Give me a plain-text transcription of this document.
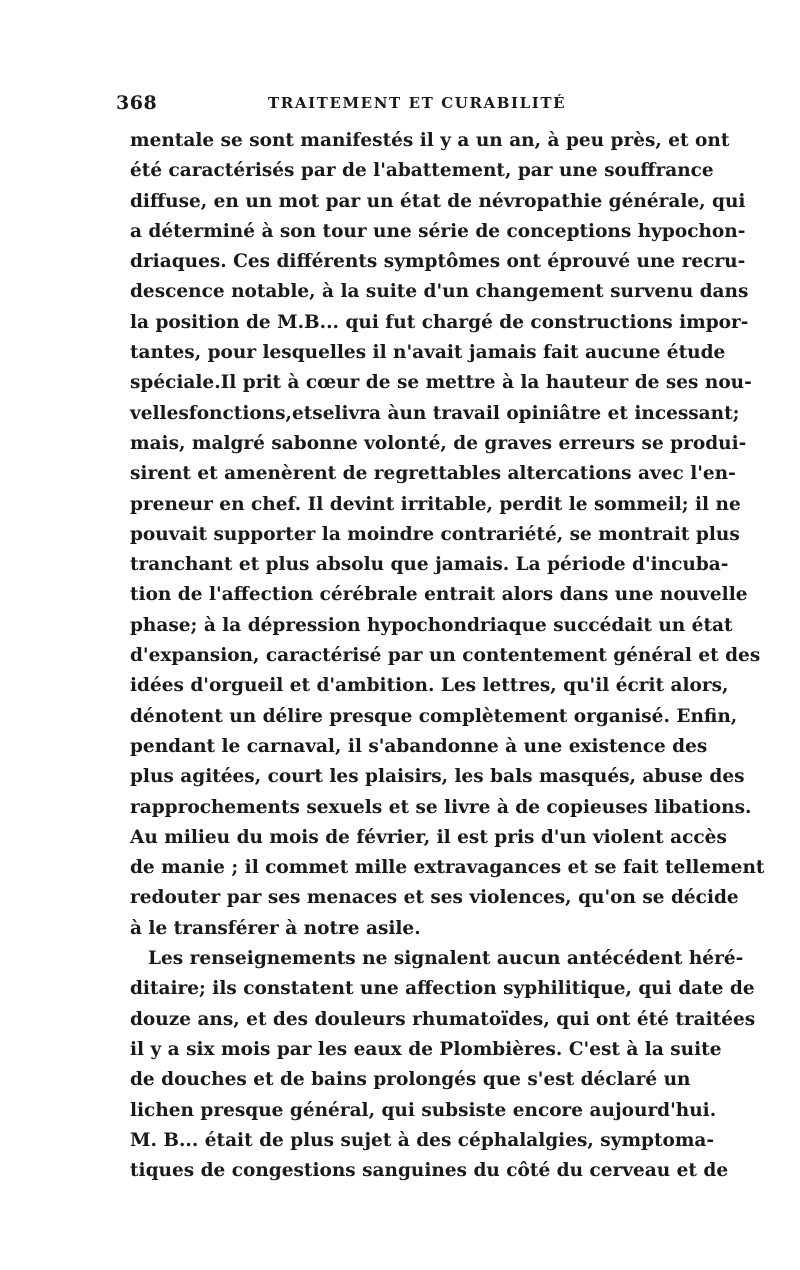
368	TRAITEMENT ET CURABILITÉ
mentale se sont manifestés il y a un an, à peu près, et ont
été caractérisés par de l'abattement, par une souffrance
diffuse, en un mot par un état de névropathie générale, qui
a déterminé à son tour une série de conceptions hypochon-
driaques. Ces différents symptômes ont éprouvé une recru-
descence notable, à la suite d'un changement survenu dans
la position de M.B... qui fut chargé de constructions impor-
tantes, pour lesquelles il n'avait jamais fait aucune étude
spéciale.Il prit à cœur de se mettre à la hauteur de ses nou-
vellesfonctions,etselivra àun travail opiniâtre et incessant;
mais, malgré sabonne volonté, de graves erreurs se produi-
sirent et amenèrent de regrettables altercations avec l'en-
preneur en chef. Il devint irritable, perdit le sommeil; il ne
pouvait supporter la moindre contrariété, se montrait plus
tranchant et plus absolu que jamais. La période d'incuba-
tion de l'affection cérébrale entrait alors dans une nouvelle
phase; à la dépression hypochondriaque succédait un état
d'expansion, caractérisé par un contentement général et des
idées d'orgueil et d'ambition. Les lettres, qu'il écrit alors,
dénotent un délire presque complètement organisé. Enfin,
pendant le carnaval, il s'abandonne à une existence des
plus agitées, court les plaisirs, les bals masqués, abuse des
rapprochements sexuels et se livre à de copieuses libations.
Au milieu du mois de février, il est pris d'un violent accès
de manie ; il commet mille extravagances et se fait tellement
redouter par ses menaces et ses violences, qu'on se décide
à le transférer à notre asile.
Les renseignements ne signalent aucun antécédent héré-
ditaire; ils constatent une affection syphilitique, qui date de
douze ans, et des douleurs rhumatoïdes, qui ont été traitées
il y a six mois par les eaux de Plombières. C'est à la suite
de douches et de bains prolongés que s'est déclaré un
lichen presque général, qui subsiste encore aujourd'hui.
M. B... était de plus sujet à des céphalalgies, symptoma-
tiques de congestions sanguines du côté du cerveau et de
